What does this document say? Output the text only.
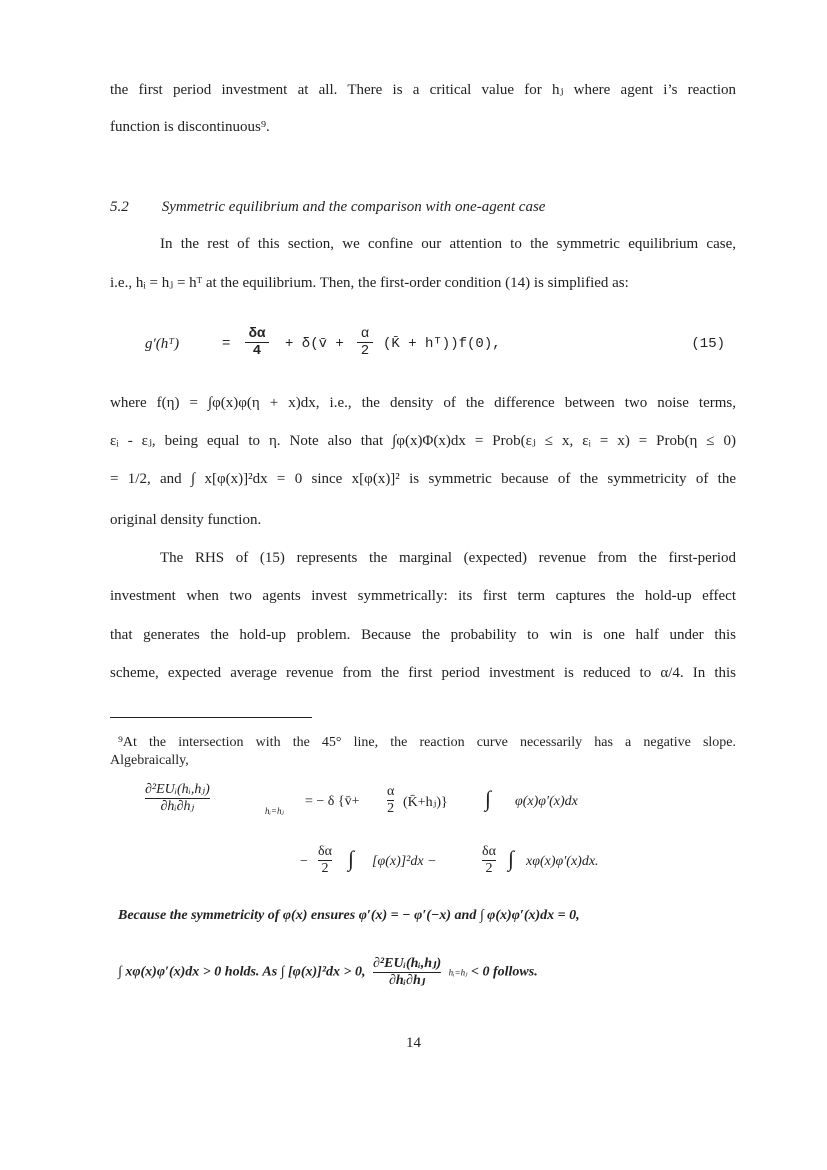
the first period investment at all. There is a critical value for hⱼ where agent i’s reaction
function is discontinuous⁹.
5.2 Symmetric equilibrium and the comparison with one-agent case
In the rest of this section, we confine our attention to the symmetric equilibrium case,
i.e., hᵢ = hⱼ = hᵀ at the equilibrium. Then, the first-order condition (14) is simplified as:
g′(hᵀ)	=
δα
4 + δ(v̄ +
α
2 (K̄ + hᵀ))f(0),	(15)
where f(η) = ∫φ(x)φ(η + x)dx, i.e., the density of the difference between two noise terms,
εᵢ - εⱼ, being equal to η. Note also that ∫φ(x)Φ(x)dx = Prob(εⱼ ≤ x, εᵢ = x) = Prob(η ≤ 0)
= 1/2, and ∫ x[φ(x)]²dx = 0 since x[φ(x)]² is symmetric because of the symmetricity of the
original density function.
The RHS of (15) represents the marginal (expected) revenue from the first-period
investment when two agents invest symmetrically: its first term captures the hold-up effect
that generates the hold-up problem. Because the probability to win is one half under this
scheme, expected average revenue from the first period investment is reduced to α/4. In this
⁹At the intersection with the 45° line, the reaction curve necessarily has a negative slope.
Algebraically,
∂²EUᵢ(hᵢ,hⱼ)
∂hᵢ∂hⱼ	hᵢ=hⱼ
= − δ {v̄+
α
2 (K̄+hⱼ)} ∫ φ(x)φ′(x)dx
−
δα
2 ∫ [φ(x)]²dx −
δα
2 ∫ xφ(x)φ′(x)dx.
Because the symmetricity of φ(x) ensures φ′(x) = − φ′(−x) and ∫ φ(x)φ′(x)dx = 0,
∫ xφ(x)φ′(x)dx > 0 holds. As ∫ [φ(x)]²dx > 0, $\frac{\text{∂²EUᵢ(hᵢ,hⱼ)}}{\text{∂hᵢ∂hⱼ}}$ hᵢ=hⱼ < 0 follows.
14
